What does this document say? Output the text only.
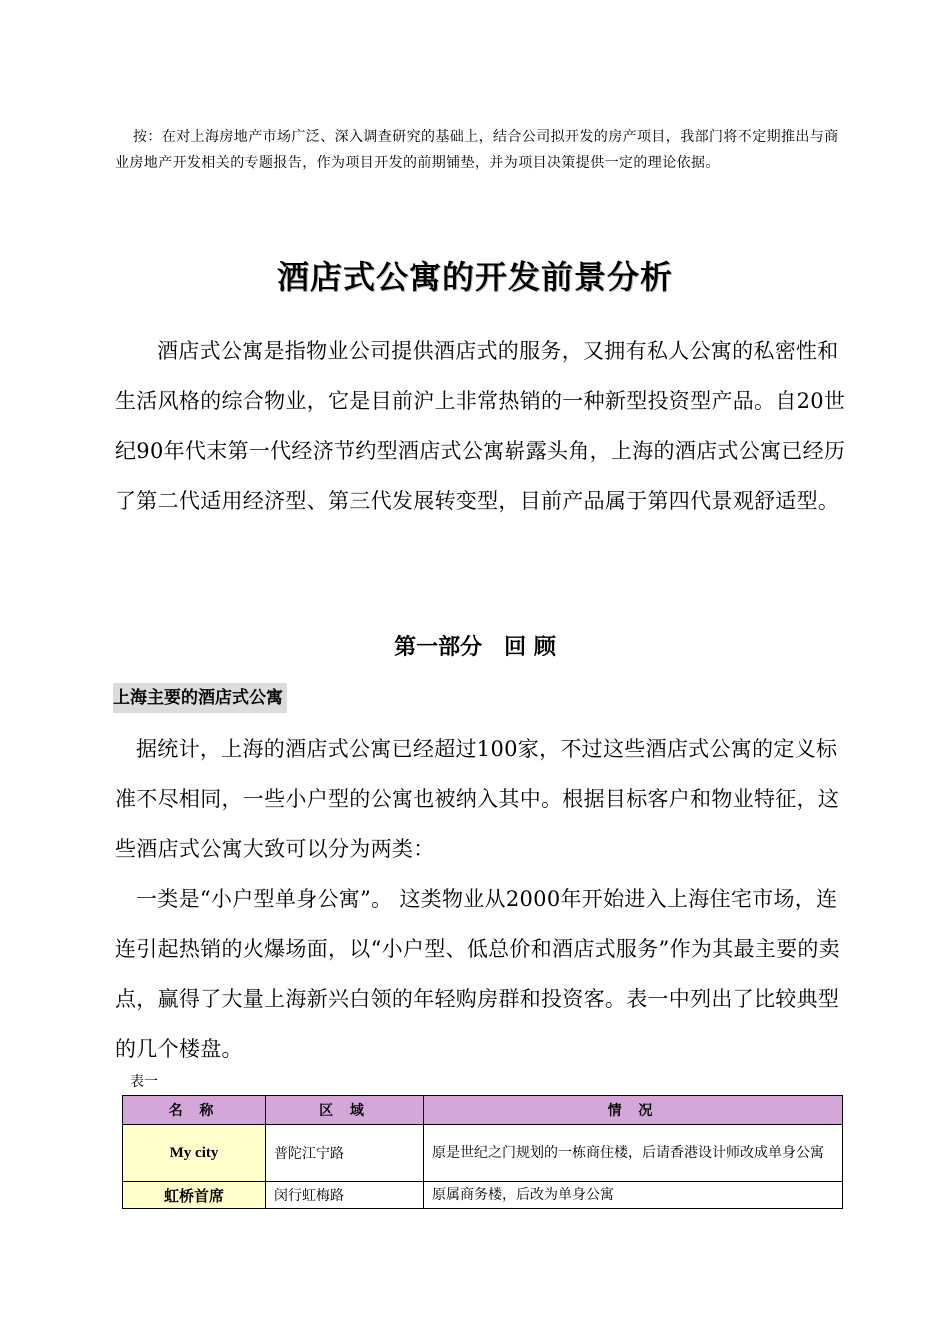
按：在对上海房地产市场广泛、深入调查研究的基础上，结合公司拟开发的房产项目，我部门将不定期推出与商业房地产开发相关的专题报告，作为项目开发的前期铺垫，并为项目决策提供一定的理论依据。

酒店式公寓的开发前景分析

酒店式公寓是指物业公司提供酒店式的服务，又拥有私人公寓的私密性和生活风格的综合物业，它是目前沪上非常热销的一种新型投资型产品。自20世纪90年代末第一代经济节约型酒店式公寓崭露头角，上海的酒店式公寓已经历了第二代适用经济型、第三代发展转变型，目前产品属于第四代景观舒适型。

第一部分　回 顾
上海主要的酒店式公寓

据统计，上海的酒店式公寓已经超过100家，不过这些酒店式公寓的定义标准不尽相同，一些小户型的公寓也被纳入其中。根据目标客户和物业特征，这些酒店式公寓大致可以分为两类：

一类是“小户型单身公寓”。 这类物业从2000年开始进入上海住宅市场，连连引起热销的火爆场面，以“小户型、低总价和酒店式服务”作为其最主要的卖点，赢得了大量上海新兴白领的年轻购房群和投资客。表一中列出了比较典型的几个楼盘。

表一

名 称	区 域	情 况
My city	普陀江宁路	原是世纪之门规划的一栋商住楼，后请香港设计师改成单身公寓
虹桥首席	闵行虹梅路	原属商务楼，后改为单身公寓
